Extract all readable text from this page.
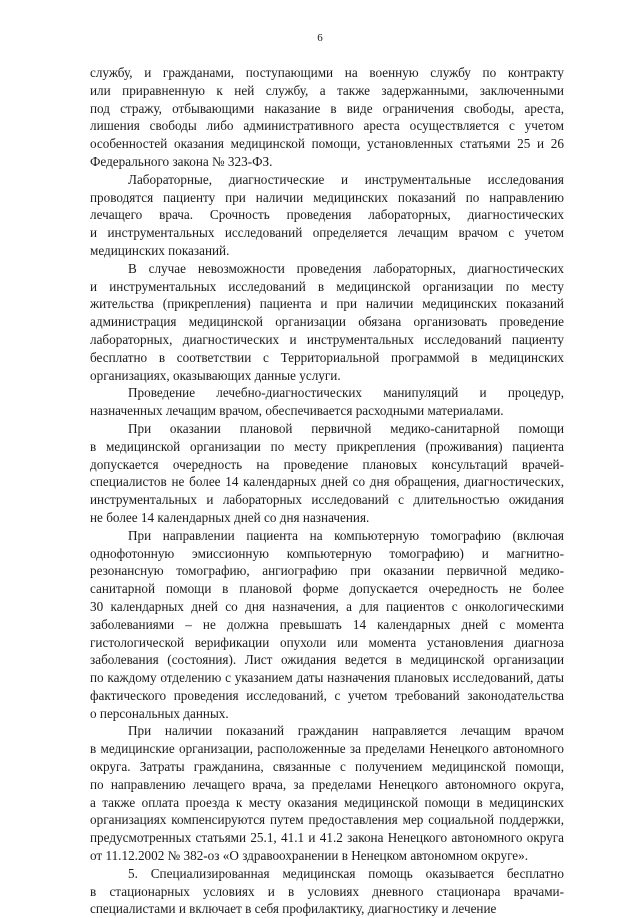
6
службу, и гражданами, поступающими на военную службу по контракту
или приравненную к ней службу, а также задержанными, заключенными
под стражу, отбывающими наказание в виде ограничения свободы, ареста,
лишения свободы либо административного ареста осуществляется с учетом
особенностей оказания медицинской помощи, установленных статьями 25 и 26
Федерального закона № 323-ФЗ.
Лабораторные, диагностические и инструментальные исследования
проводятся пациенту при наличии медицинских показаний по направлению
лечащего врача. Срочность проведения лабораторных, диагностических
и инструментальных исследований определяется лечащим врачом с учетом
медицинских показаний.
В случае невозможности проведения лабораторных, диагностических
и инструментальных исследований в медицинской организации по месту
жительства (прикрепления) пациента и при наличии медицинских показаний
администрация медицинской организации обязана организовать проведение
лабораторных, диагностических и инструментальных исследований пациенту
бесплатно в соответствии с Территориальной программой в медицинских
организациях, оказывающих данные услуги.
Проведение лечебно-диагностических манипуляций и процедур,
назначенных лечащим врачом, обеспечивается расходными материалами.
При оказании плановой первичной медико-санитарной помощи
в медицинской организации по месту прикрепления (проживания) пациента
допускается очередность на проведение плановых консультаций врачей-
специалистов не более 14 календарных дней со дня обращения, диагностических,
инструментальных и лабораторных исследований с длительностью ожидания
не более 14 календарных дней со дня назначения.
При направлении пациента на компьютерную томографию (включая
однофотонную эмиссионную компьютерную томографию) и магнитно-
резонансную томографию, ангиографию при оказании первичной медико-
санитарной помощи в плановой форме допускается очередность не более
30 календарных дней со дня назначения, а для пациентов с онкологическими
заболеваниями – не должна превышать 14 календарных дней с момента
гистологической верификации опухоли или момента установления диагноза
заболевания (состояния). Лист ожидания ведется в медицинской организации
по каждому отделению с указанием даты назначения плановых исследований, даты
фактического проведения исследований, с учетом требований законодательства
о персональных данных.
При наличии показаний гражданин направляется лечащим врачом
в медицинские организации, расположенные за пределами Ненецкого автономного
округа. Затраты гражданина, связанные с получением медицинской помощи,
по направлению лечащего врача, за пределами Ненецкого автономного округа,
а также оплата проезда к месту оказания медицинской помощи в медицинских
организациях компенсируются путем предоставления мер социальной поддержки,
предусмотренных статьями 25.1, 41.1 и 41.2 закона Ненецкого автономного округа
от 11.12.2002 № 382-оз «О здравоохранении в Ненецком автономном округе».
5. Специализированная медицинская помощь оказывается бесплатно
в стационарных условиях и в условиях дневного стационара врачами-
специалистами и включает в себя профилактику, диагностику и лечение
